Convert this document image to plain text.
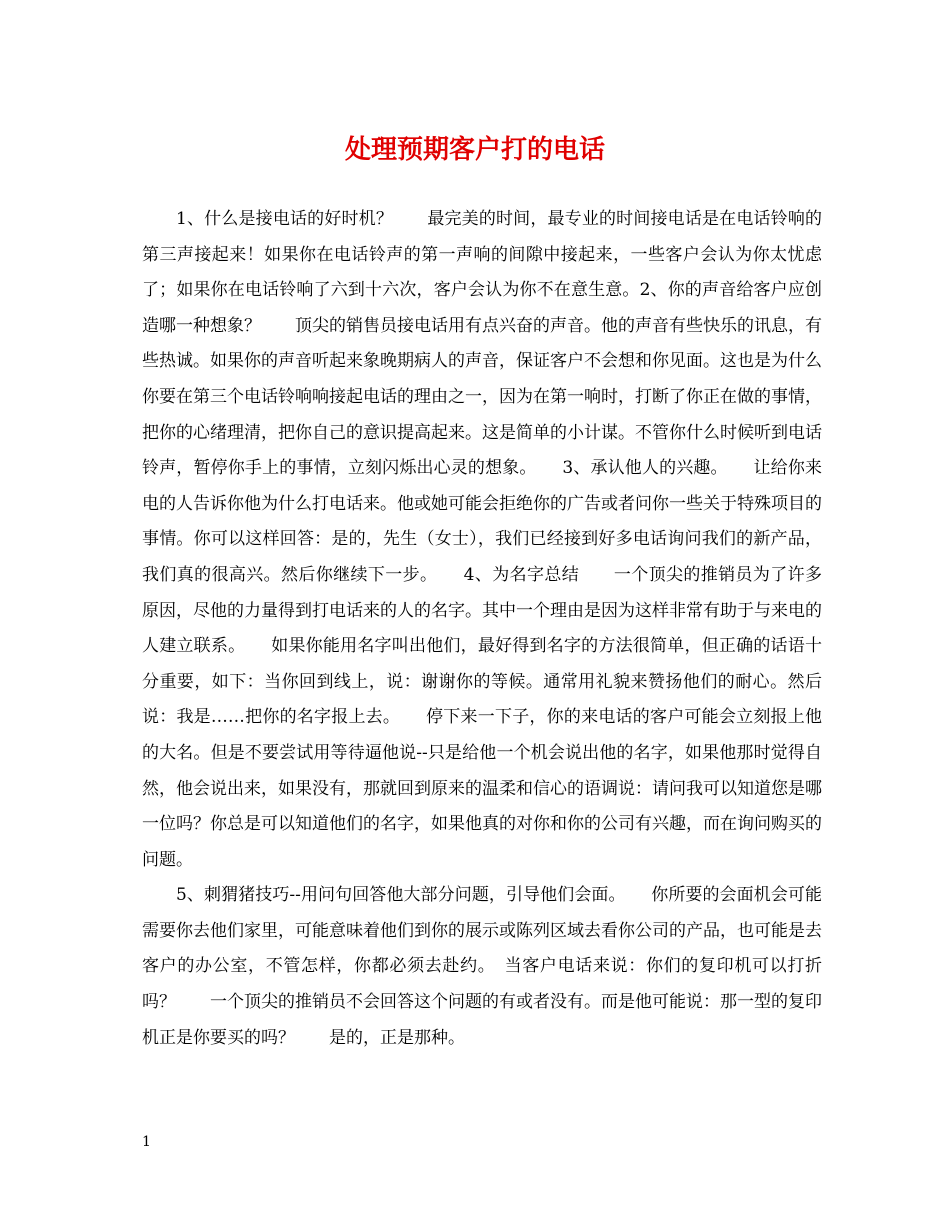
处理预期客户打的电话

1、什么是接电话的好时机？　　最完美的时间，最专业的时间接电话是在电话铃响的第三声接起来！如果你在电话铃声的第一声响的间隙中接起来，一些客户会认为你太忧虑了；如果你在电话铃响了六到十六次，客户会认为你不在意生意。2、你的声音给客户应创造哪一种想象？　　顶尖的销售员接电话用有点兴奋的声音。他的声音有些快乐的讯息，有些热诚。如果你的声音听起来象晚期病人的声音，保证客户不会想和你见面。这也是为什么你要在第三个电话铃响响接起电话的理由之一，因为在第一响时，打断了你正在做的事情，把你的心绪理清，把你自己的意识提高起来。这是简单的小计谋。不管你什么时候听到电话铃声，暂停你手上的事情，立刻闪烁出心灵的想象。　　3、承认他人的兴趣。　　让给你来电的人告诉你他为什么打电话来。他或她可能会拒绝你的广告或者问你一些关于特殊项目的事情。你可以这样回答：是的，先生（女士），我们已经接到好多电话询问我们的新产品，我们真的很高兴。然后你继续下一步。　　4、为名字总结　　一个顶尖的推销员为了许多原因，尽他的力量得到打电话来的人的名字。其中一个理由是因为这样非常有助于与来电的人建立联系。　　如果你能用名字叫出他们，最好得到名字的方法很简单，但正确的话语十分重要，如下：当你回到线上，说：谢谢你的等候。通常用礼貌来赞扬他们的耐心。然后说：我是……把你的名字报上去。　　停下来一下子，你的来电话的客户可能会立刻报上他的大名。但是不要尝试用等待逼他说--只是给他一个机会说出他的名字，如果他那时觉得自然，他会说出来，如果没有，那就回到原来的温柔和信心的语调说：请问我可以知道您是哪一位吗？你总是可以知道他们的名字，如果他真的对你和你的公司有兴趣，而在询问购买的问题。

5、刺猬猪技巧--用问句回答他大部分问题，引导他们会面。　　你所要的会面机会可能需要你去他们家里，可能意味着他们到你的展示或陈列区域去看你公司的产品，也可能是去客户的办公室，不管怎样，你都必须去赴约。　当客户电话来说：你们的复印机可以打折吗？　　一个顶尖的推销员不会回答这个问题的有或者没有。而是他可能说：那一型的复印机正是你要买的吗？　　是的，正是那种。

1
